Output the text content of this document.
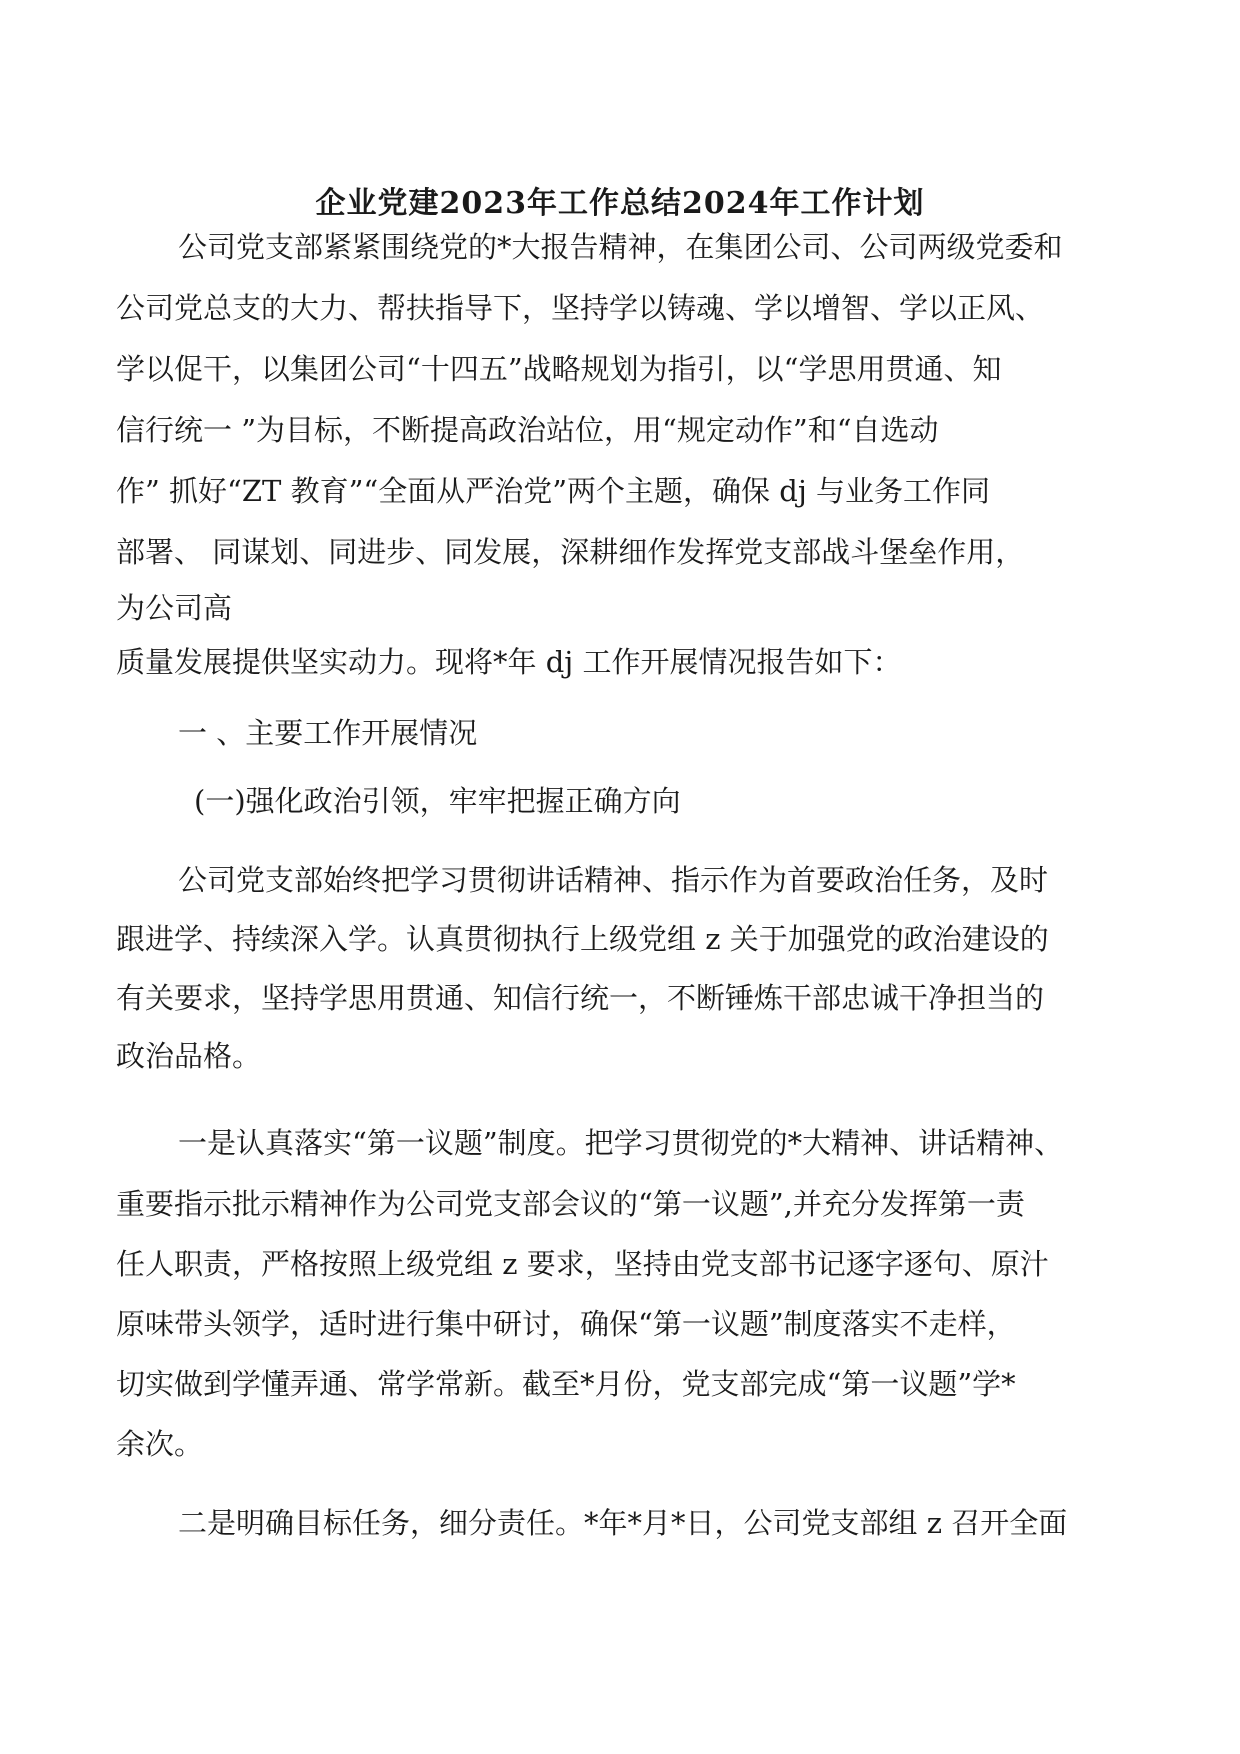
企业党建2023年工作总结2024年工作计划
公司党支部紧紧围绕党的*大报告精神，在集团公司、公司两级党委和
公司党总支的大力、帮扶指导下，坚持学以铸魂、学以增智、学以正风、
学以促干，以集团公司“十四五”战略规划为指引，以“学思用贯通、知
信行统一 ”为目标，不断提高政治站位，用“规定动作”和“自选动
作” 抓好“ZT 教育”“全面从严治党”两个主题，确保 dj 与业务工作同
部署、 同谋划、同进步、同发展，深耕细作发挥党支部战斗堡垒作用，
为公司高
质量发展提供坚实动力。现将*年 dj 工作开展情况报告如下：
一 、主要工作开展情况
(一)强化政治引领，牢牢把握正确方向
公司党支部始终把学习贯彻讲话精神、指示作为首要政治任务，及时
跟进学、持续深入学。认真贯彻执行上级党组 z 关于加强党的政治建设的
有关要求，坚持学思用贯通、知信行统一，不断锤炼干部忠诚干净担当的
政治品格。
一是认真落实“第一议题”制度。把学习贯彻党的*大精神、讲话精神、
重要指示批示精神作为公司党支部会议的“第一议题”,并充分发挥第一责
任人职责，严格按照上级党组 z 要求，坚持由党支部书记逐字逐句、原汁
原味带头领学，适时进行集中研讨，确保“第一议题”制度落实不走样，
切实做到学懂弄通、常学常新。截至*月份，党支部完成“第一议题”学*
余次。
二是明确目标任务，细分责任。*年*月*日，公司党支部组 z 召开全面
